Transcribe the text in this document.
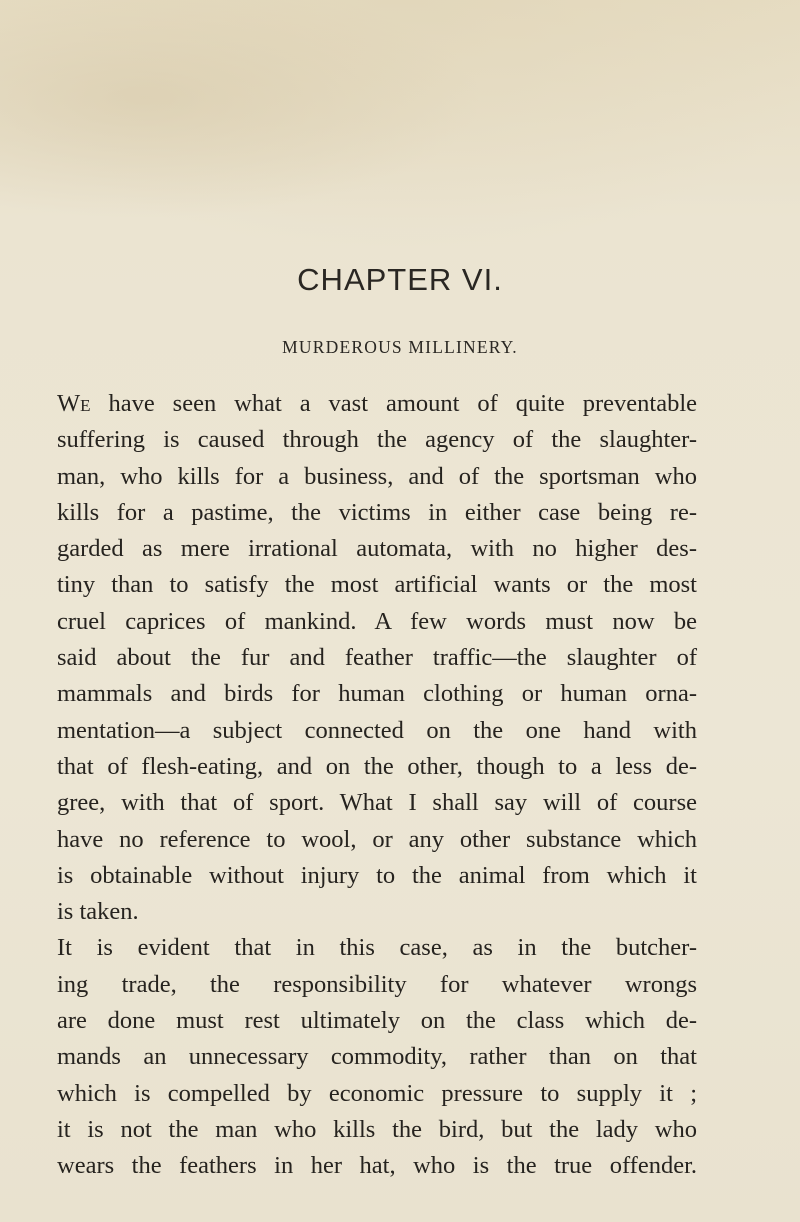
CHAPTER VI.
MURDEROUS MILLINERY.
We have seen what a vast amount of quite preventable
suffering is caused through the agency of the slaughter-
man, who kills for a business, and of the sportsman who
kills for a pastime, the victims in either case being re-
garded as mere irrational automata, with no higher des-
tiny than to satisfy the most artificial wants or the most
cruel caprices of mankind. A few words must now be
said about the fur and feather traffic—the slaughter of
mammals and birds for human clothing or human orna-
mentation—a subject connected on the one hand with
that of flesh-eating, and on the other, though to a less de-
gree, with that of sport. What I shall say will of course
have no reference to wool, or any other substance which
is obtainable without injury to the animal from which it
is taken.
It is evident that in this case, as in the butcher-
ing trade, the responsibility for whatever wrongs
are done must rest ultimately on the class which de-
mands an unnecessary commodity, rather than on that
which is compelled by economic pressure to supply it ;
it is not the man who kills the bird, but the lady who
wears the feathers in her hat, who is the true offender.
